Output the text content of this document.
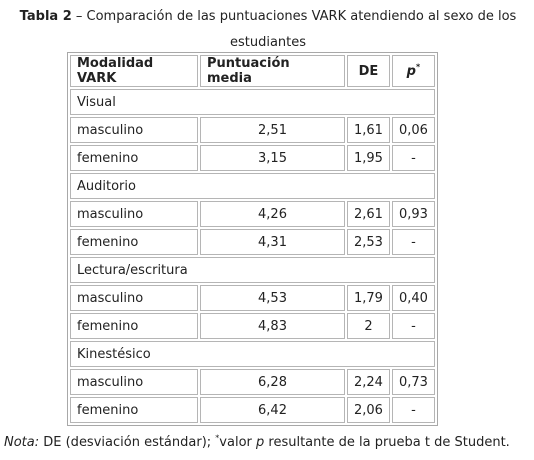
Tabla 2 – Comparación de las puntuaciones VARK atendiendo al sexo de los
estudiantes
Modalidad VARK	Puntuación media	DE	p*
Visual			
masculino	2,51	1,61	0,06
femenino	3,15	1,95	-
Auditorio			
masculino	4,26	2,61	0,93
femenino	4,31	2,53	-
Lectura/escritura			
masculino	4,53	1,79	0,40
femenino	4,83	2	-
Kinestésico			
masculino	6,28	2,24	0,73
femenino	6,42	2,06	-
Nota: DE (desviación estándar); *valor p resultante de la prueba t de Student.
